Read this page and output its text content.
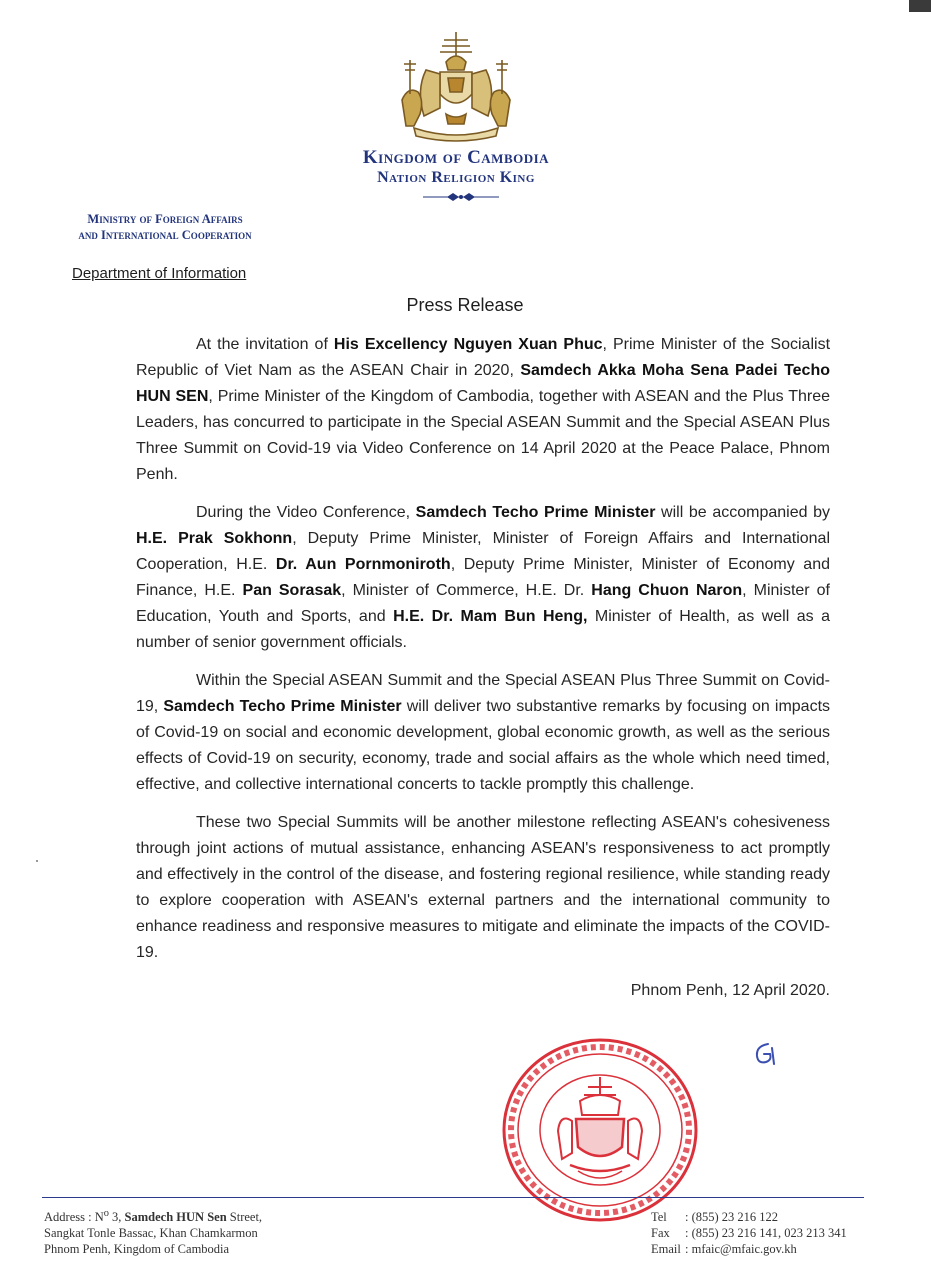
Kingdom of Cambodia
Nation Religion King
Ministry of Foreign Affairs
and International Cooperation
Department of Information
Press Release

At the invitation of His Excellency Nguyen Xuan Phuc, Prime Minister of the Socialist Republic of Viet Nam as the ASEAN Chair in 2020, Samdech Akka Moha Sena Padei Techo HUN SEN, Prime Minister of the Kingdom of Cambodia, together with ASEAN and the Plus Three Leaders, has concurred to participate in the Special ASEAN Summit and the Special ASEAN Plus Three Summit on Covid-19 via Video Conference on 14 April 2020 at the Peace Palace, Phnom Penh.

During the Video Conference, Samdech Techo Prime Minister will be accompanied by H.E. Prak Sokhonn, Deputy Prime Minister, Minister of Foreign Affairs and International Cooperation, H.E. Dr. Aun Pornmoniroth, Deputy Prime Minister, Minister of Economy and Finance, H.E. Pan Sorasak, Minister of Commerce, H.E. Dr. Hang Chuon Naron, Minister of Education, Youth and Sports, and H.E. Dr. Mam Bun Heng, Minister of Health, as well as a number of senior government officials.

Within the Special ASEAN Summit and the Special ASEAN Plus Three Summit on Covid-19, Samdech Techo Prime Minister will deliver two substantive remarks by focusing on impacts of Covid-19 on social and economic development, global economic growth, as well as the serious effects of Covid-19 on security, economy, trade and social affairs as the whole which need timed, effective, and collective international concerts to tackle promptly this challenge.

These two Special Summits will be another milestone reflecting ASEAN's cohesiveness through joint actions of mutual assistance, enhancing ASEAN's responsiveness to act promptly and effectively in the control of the disease, and fostering regional resilience, while standing ready to explore cooperation with ASEAN's external partners and the international community to enhance readiness and responsive measures to mitigate and eliminate the impacts of the COVID-19.

Phnom Penh, 12 April 2020.

Address : $N^o$ 3, Samdech HUN Sen Street,
Sangkat Tonle Bassac, Khan Chamkarmon
Phnom Penh, Kingdom of Cambodia
Tel : (855) 23 216 122
Fax : (855) 23 216 141, 023 213 341
Email : mfaic@mfaic.gov.kh
